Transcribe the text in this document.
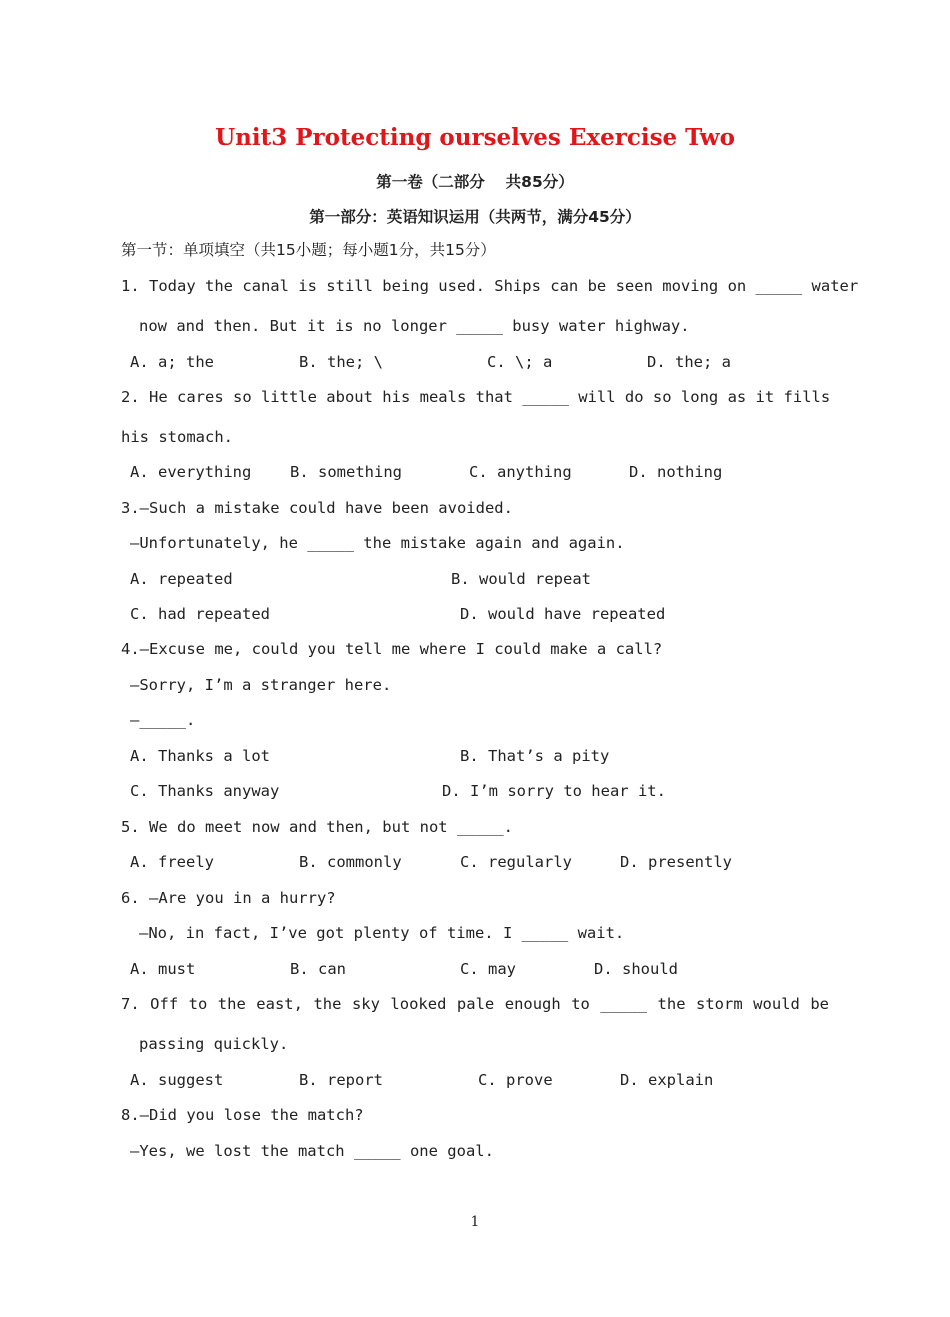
Unit3 Protecting ourselves Exercise Two
第一卷（二部分　 共85分）
第一部分：英语知识运用（共两节，满分45分）
第一节：单项填空（共15小题；每小题1分，共15分）
1. Today the canal is still being used. Ships can be seen moving on _____ water
now and then. But it is no longer _____ busy water highway.
A. a; the	B. the; \	C. \; a	D. the; a
2. He cares so little about his meals that _____ will do so long as it fills
his stomach.
A. everything B. something	C. anything	D. nothing
3.—Such a mistake could have been avoided.
—Unfortunately, he _____ the mistake again and again.
A. repeated	B. would repeat
C. had repeated	D. would have repeated
4.—Excuse me, could you tell me where I could make a call?
—Sorry, I’m a stranger here.
—_____.
A. Thanks a lot	B. That’s a pity
C. Thanks anyway	D. I’m sorry to hear it.
5. We do meet now and then, but not _____.
A. freely	B. commonly	C. regularly	D. presently
6. —Are you in a hurry?
—No, in fact, I’ve got plenty of time. I _____ wait.
A. must	B. can	C. may	D. should
7. Off to the east, the sky looked pale enough to _____ the storm would be
passing quickly.
A. suggest	B. report	C. prove	D. explain
8.—Did you lose the match?
—Yes, we lost the match _____ one goal.
1
